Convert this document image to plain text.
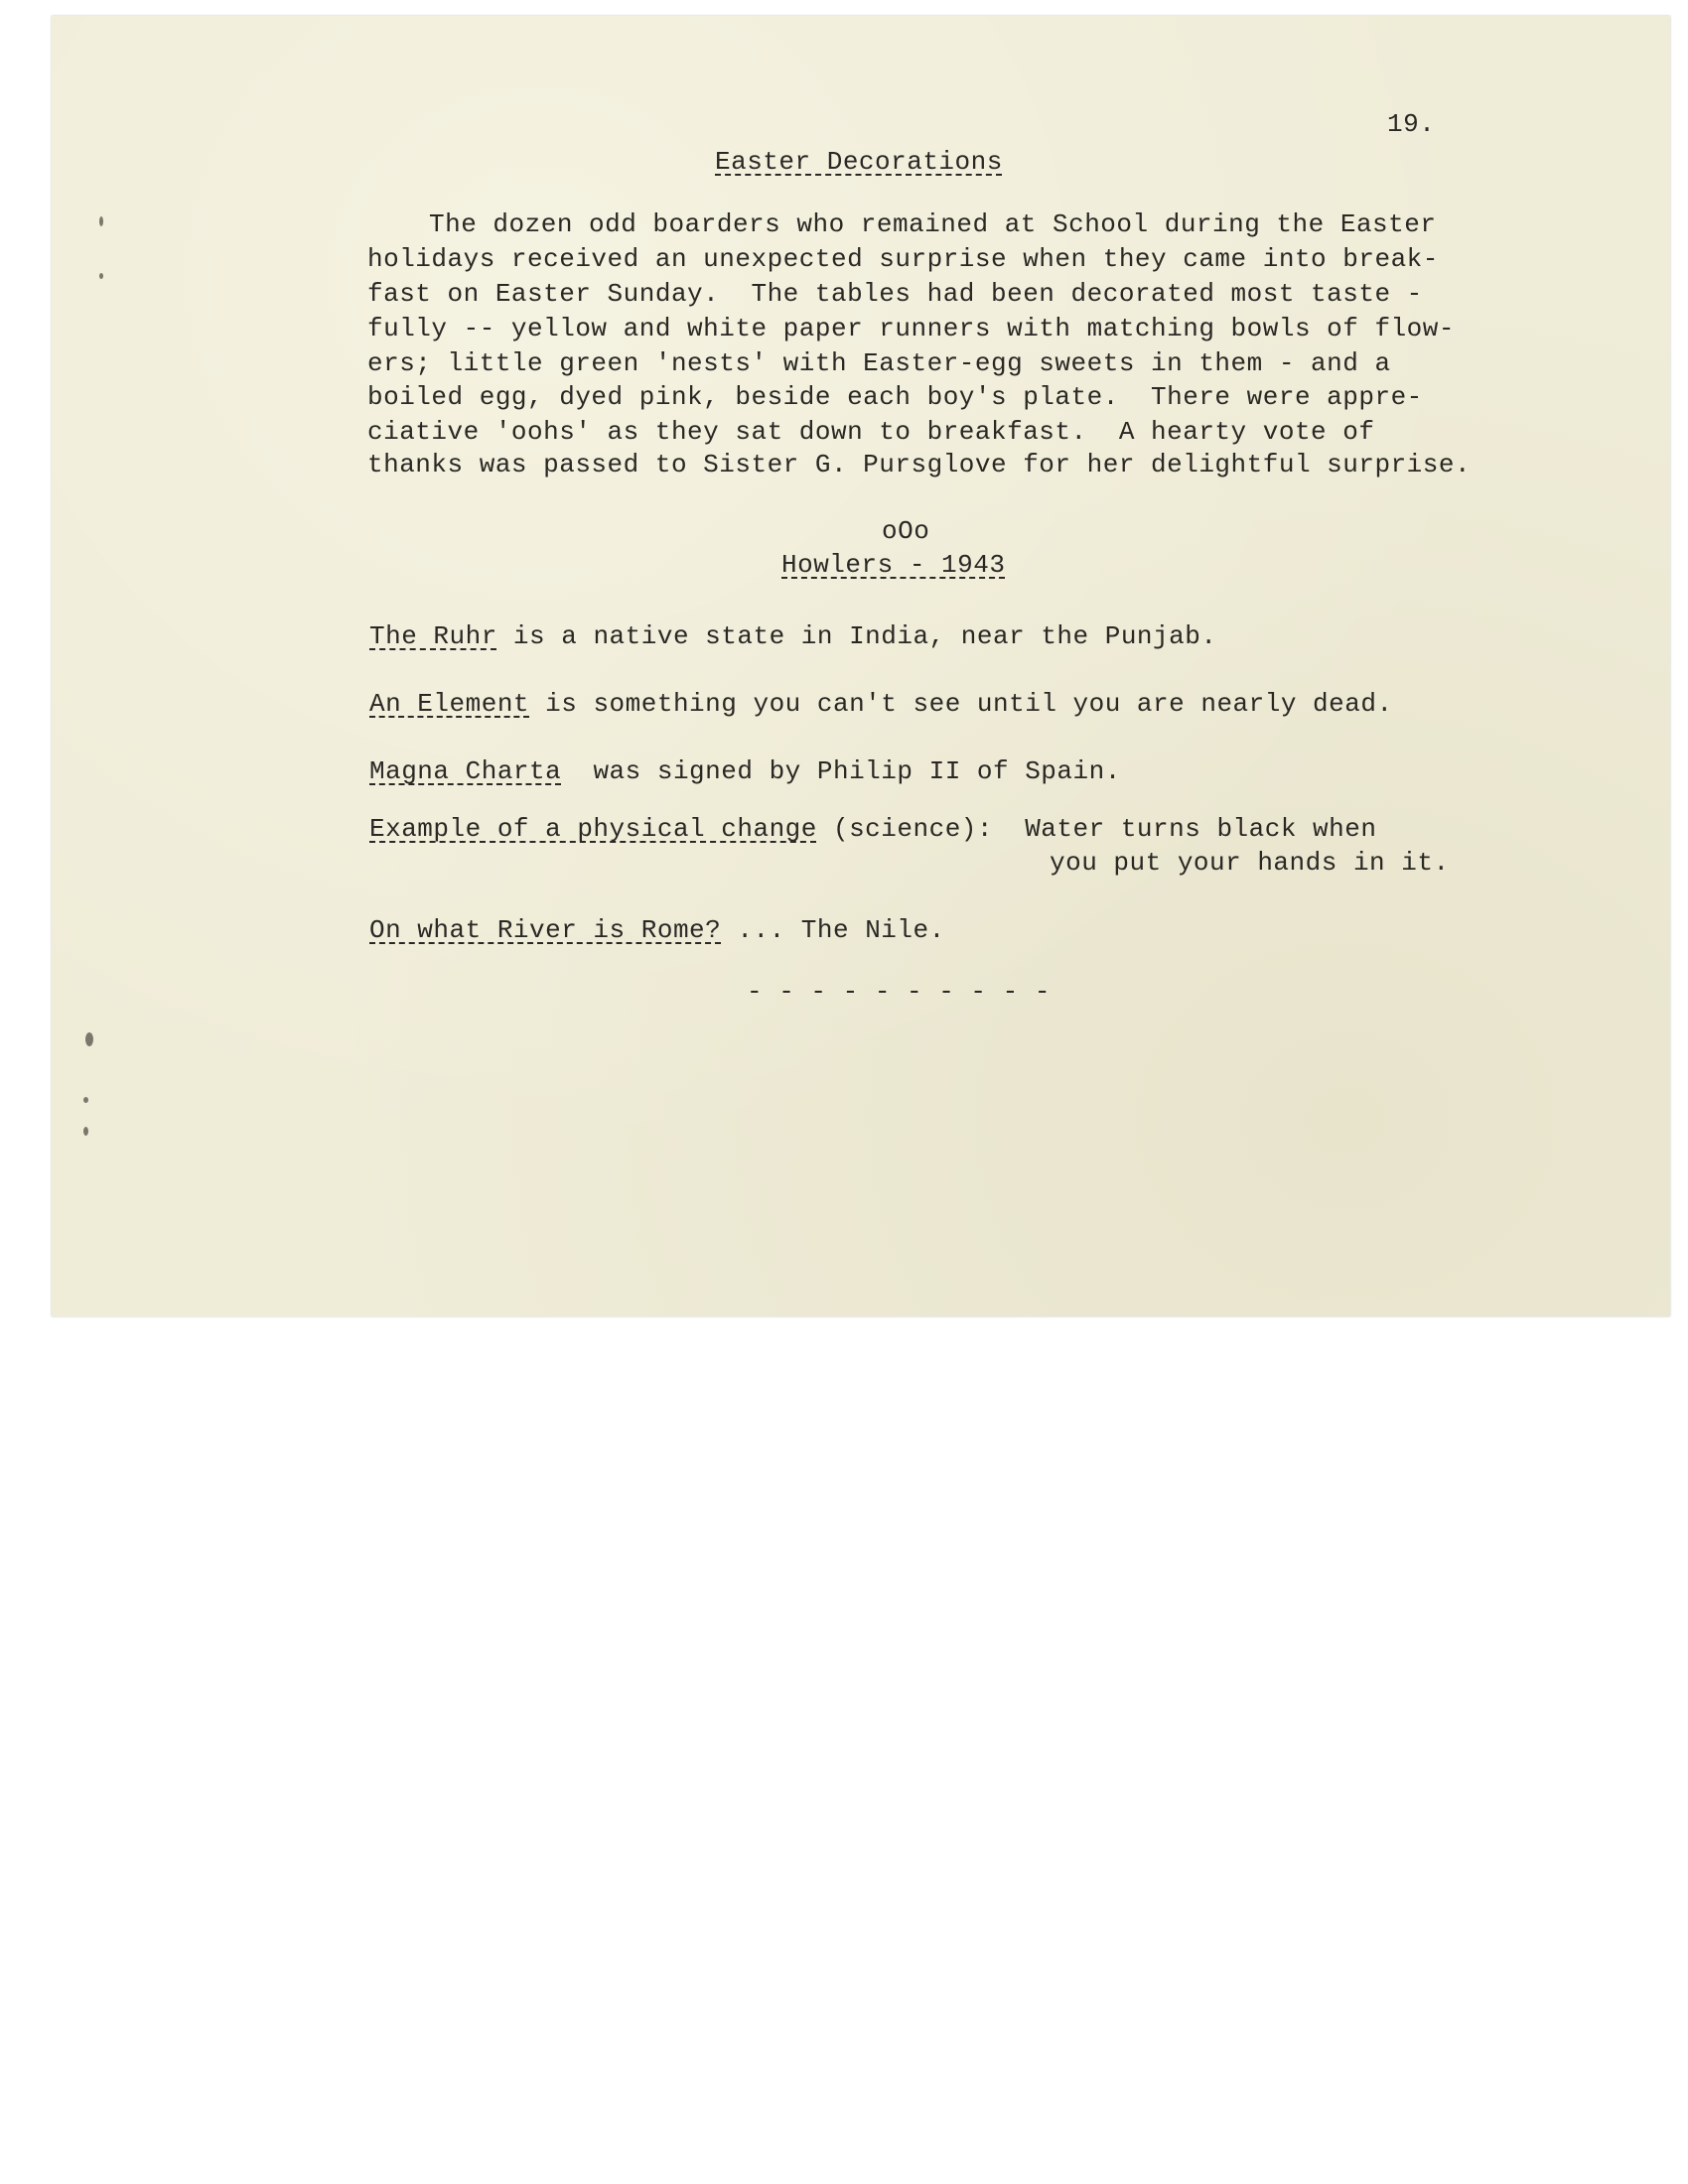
19.
Easter Decorations
The dozen odd boarders who remained at School during the Easter
holidays received an unexpected surprise when they came into break-
fast on Easter Sunday.  The tables had been decorated most taste -
fully -- yellow and white paper runners with matching bowls of flow-
ers; little green 'nests' with Easter-egg sweets in them - and a
boiled egg, dyed pink, beside each boy's plate.  There were appre-
ciative 'oohs' as they sat down to breakfast.  A hearty vote of
thanks was passed to Sister G. Pursglove for her delightful surprise.
oOo
Howlers - 1943
The Ruhr is a native state in India, near the Punjab.
An Element is something you can't see until you are nearly dead.
Magna Charta  was signed by Philip II of Spain.
Example of a physical change (science):  Water turns black when
you put your hands in it.
On what River is Rome? ... The Nile.
- - - - - - - - - -
